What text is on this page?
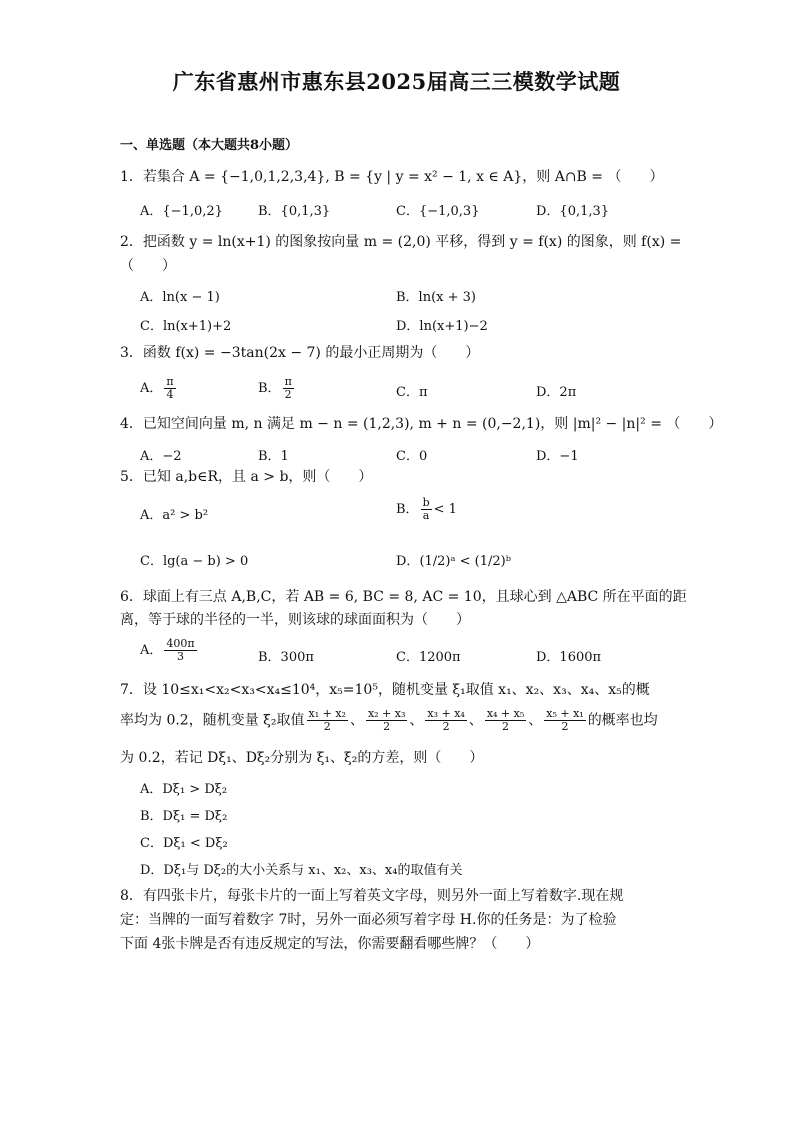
广东省惠州市惠东县2025届高三三模数学试题
一、单选题（本大题共8小题）
1．若集合 A = {−1,0,1,2,3,4}, B = {y | y = x² − 1, x ∈ A}，则 A∩B = （　　）
A．{−1,0,2}	B．{0,1,3}	C．{−1,0,3}	D．{0,1,3}
2．把函数 y = ln(x+1) 的图象按向量 m = (2,0) 平移，得到 y = f(x) 的图象，则 f(x) =
（　　）
A．ln(x − 1)	B．ln(x + 3)
C．ln(x+1)+2	D．ln(x+1)−2
3．函数 f(x) = −3tan(2x − 7) 的最小正周期为（　　）
A． $\frac{\pi}{4}$	B． $\frac{\pi}{2}$	C．π	D．2π
4．已知空间向量 m, n 满足 m − n = (1,2,3), m + n = (0,−2,1)，则 |m|² − |n|² = （　　）
A．−2	B．1	C．0	D．−1
5．已知 a,b∈R，且 a > b，则（　　）
A．a² > b²	B． $\frac{b}{a} < 1$
C．lg(a − b) > 0	D．(1/2)ᵃ < (1/2)ᵇ
6．球面上有三点 A,B,C，若 AB = 6, BC = 8, AC = 10，且球心到 △ABC 所在平面的距
离，等于球的半径的一半，则该球的球面面积为（　　）
A． $\frac{400\pi}{3}$	B．300π	C．1200π	D．1600π
7．设 10≤x₁<x₂<x₃<x₄≤10⁴，x₅=10⁵，随机变量 ξ₁取值 x₁、x₂、x₃、x₄、x₅的概
率均为 0.2，随机变量 ξ₂取值 $\frac{\text{x₁ + x₂}}{2}$ 、 $\frac{\text{x₂ + x₃}}{2}$ 、 $\frac{\text{x₃ + x₄}}{2}$ 、 $\frac{\text{x₄ + x₅}}{2}$ 、 $\frac{\text{x₅ + x₁}}{2}$ 的概率也均
为 0.2，若记 Dξ₁、Dξ₂分别为 ξ₁、ξ₂的方差，则（　　）
A．Dξ₁ > Dξ₂
B．Dξ₁ = Dξ₂
C．Dξ₁ < Dξ₂
D．Dξ₁与 Dξ₂的大小关系与 x₁、x₂、x₃、x₄的取值有关
8．有四张卡片，每张卡片的一面上写着英文字母，则另外一面上写着数字.现在规
定：当牌的一面写着数字 7时，另外一面必须写着字母 H.你的任务是：为了检验
下面 4张卡牌是否有违反规定的写法，你需要翻看哪些牌？（　　）
